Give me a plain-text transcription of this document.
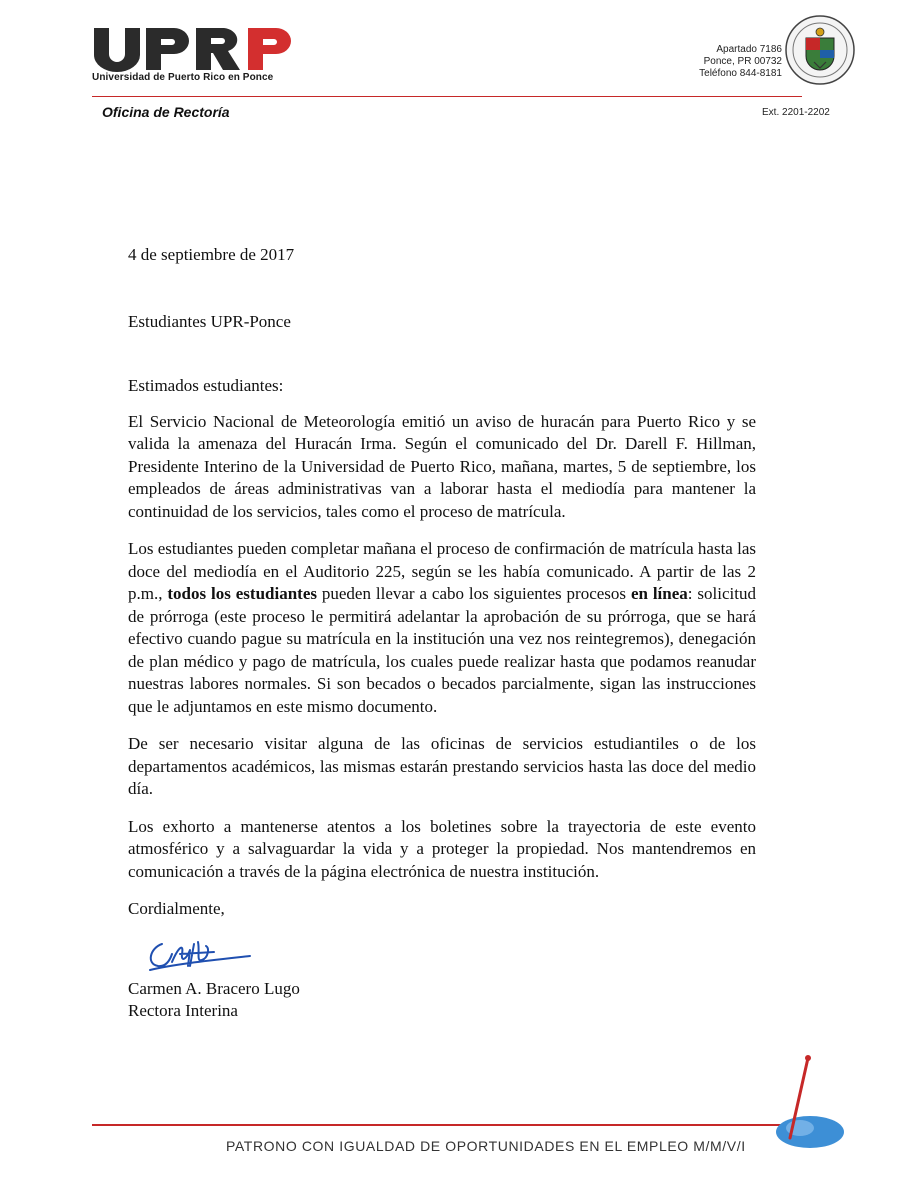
Universidad de Puerto Rico en Ponce
Apartado 7186
Ponce, PR 00732
Teléfono 844-8181
Oficina de Rectoría	Ext. 2201-2202

4 de septiembre de 2017

Estudiantes UPR-Ponce

Estimados estudiantes:

El Servicio Nacional de Meteorología emitió un aviso de huracán para Puerto Rico y se valida la amenaza del Huracán Irma. Según el comunicado del Dr. Darell F. Hillman, Presidente Interino de la Universidad de Puerto Rico, mañana, martes, 5 de septiembre, los empleados de áreas administrativas van a laborar hasta el mediodía para mantener la continuidad de los servicios, tales como el proceso de matrícula.

Los estudiantes pueden completar mañana el proceso de confirmación de matrícula hasta las doce del mediodía en el Auditorio 225, según se les había comunicado. A partir de las 2 p.m., todos los estudiantes pueden llevar a cabo los siguientes procesos en línea: solicitud de prórroga (este proceso le permitirá adelantar la aprobación de su prórroga, que se hará efectivo cuando pague su matrícula en la institución una vez nos reintegremos), denegación de plan médico y pago de matrícula, los cuales puede realizar hasta que podamos reanudar nuestras labores normales. Si son becados o becados parcialmente, sigan las instrucciones que le adjuntamos en este mismo documento.

De ser necesario visitar alguna de las oficinas de servicios estudiantiles o de los departamentos académicos, las mismas estarán prestando servicios hasta las doce del medio día.

Los exhorto a mantenerse atentos a los boletines sobre la trayectoria de este evento atmosférico y a salvaguardar la vida y a proteger la propiedad. Nos mantendremos en comunicación a través de la página electrónica de nuestra institución.

Cordialmente,

Carmen A. Bracero Lugo

Rectora Interina

PATRONO CON IGUALDAD DE OPORTUNIDADES EN EL EMPLEO M/M/V/I
